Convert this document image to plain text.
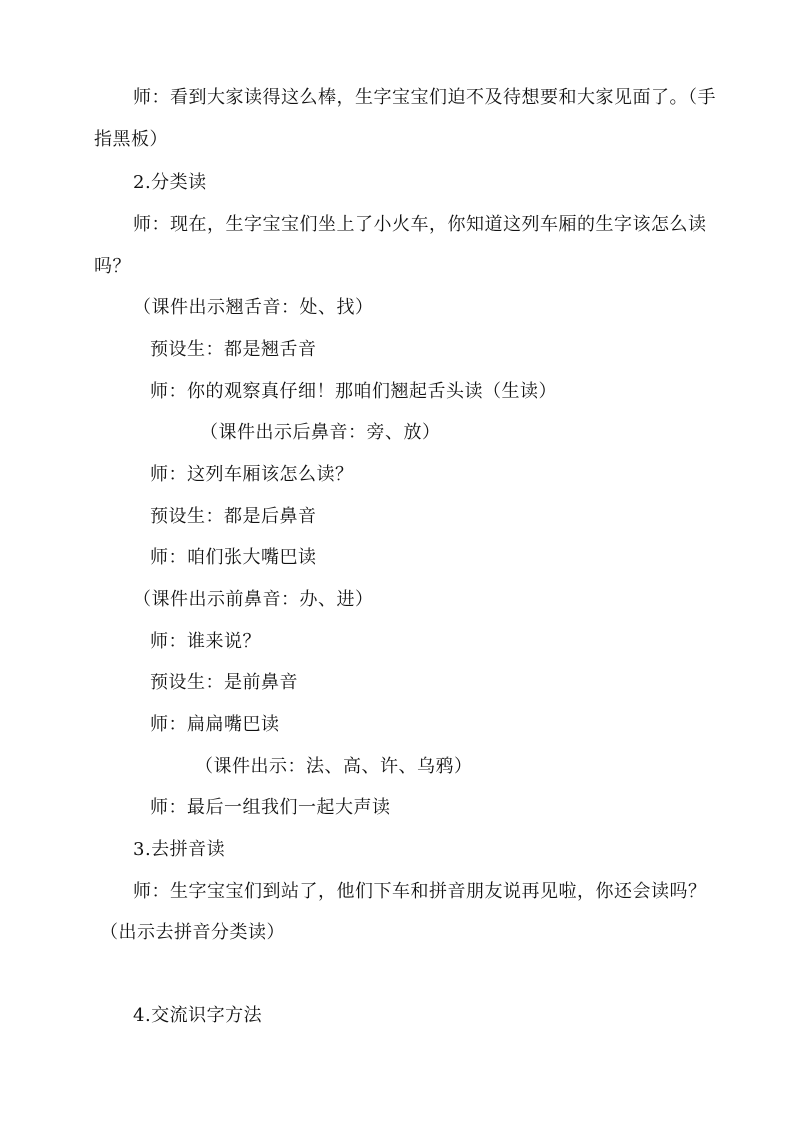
师：看到大家读得这么棒，生字宝宝们迫不及待想要和大家见面了。（手
指黑板）
2.分类读
师：现在，生字宝宝们坐上了小火车，你知道这列车厢的生字该怎么读
吗？
（课件出示翘舌音：处、找）
预设生：都是翘舌音
师：你的观察真仔细！那咱们翘起舌头读（生读）
（课件出示后鼻音：旁、放）
师：这列车厢该怎么读？
预设生：都是后鼻音
师：咱们张大嘴巴读
（课件出示前鼻音：办、进）
师：谁来说？
预设生：是前鼻音
师：扁扁嘴巴读
（课件出示：法、高、许、乌鸦）
师：最后一组我们一起大声读
3.去拼音读
师：生字宝宝们到站了，他们下车和拼音朋友说再见啦，你还会读吗？
（出示去拼音分类读）
4.交流识字方法
